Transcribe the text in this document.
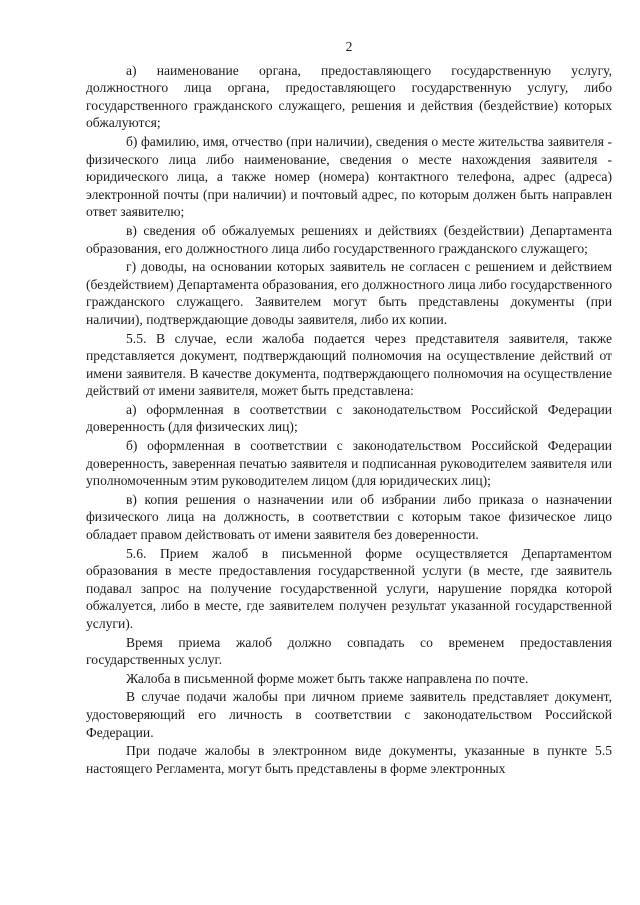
2

а) наименование органа, предоставляющего государственную услугу, должностного лица органа, предоставляющего государственную услугу, либо государственного гражданского служащего, решения и действия (бездействие) которых обжалуются;

б) фамилию, имя, отчество (при наличии), сведения о месте жительства заявителя - физического лица либо наименование, сведения о месте нахождения заявителя - юридического лица, а также номер (номера) контактного телефона, адрес (адреса) электронной почты (при наличии) и почтовый адрес, по которым должен быть направлен ответ заявителю;

в) сведения об обжалуемых решениях и действиях (бездействии) Департамента образования, его должностного лица либо государственного гражданского служащего;

г) доводы, на основании которых заявитель не согласен с решением и действием (бездействием) Департамента образования, его должностного лица либо государственного гражданского служащего. Заявителем могут быть представлены документы (при наличии), подтверждающие доводы заявителя, либо их копии.

5.5. В случае, если жалоба подается через представителя заявителя, также представляется документ, подтверждающий полномочия на осуществление действий от имени заявителя. В качестве документа, подтверждающего полномочия на осуществление действий от имени заявителя, может быть представлена:

а) оформленная в соответствии с законодательством Российской Федерации доверенность (для физических лиц);

б) оформленная в соответствии с законодательством Российской Федерации доверенность, заверенная печатью заявителя и подписанная руководителем заявителя или уполномоченным этим руководителем лицом (для юридических лиц);

в) копия решения о назначении или об избрании либо приказа о назначении физического лица на должность, в соответствии с которым такое физическое лицо обладает правом действовать от имени заявителя без доверенности.

5.6. Прием жалоб в письменной форме осуществляется Департаментом образования в месте предоставления государственной услуги (в месте, где заявитель подавал запрос на получение государственной услуги, нарушение порядка которой обжалуется, либо в месте, где заявителем получен результат указанной государственной услуги).

Время приема жалоб должно совпадать со временем предоставления государственных услуг.

Жалоба в письменной форме может быть также направлена по почте.

В случае подачи жалобы при личном приеме заявитель представляет документ, удостоверяющий его личность в соответствии с законодательством Российской Федерации.

При подаче жалобы в электронном виде документы, указанные в пункте 5.5 настоящего Регламента, могут быть представлены в форме электронных
